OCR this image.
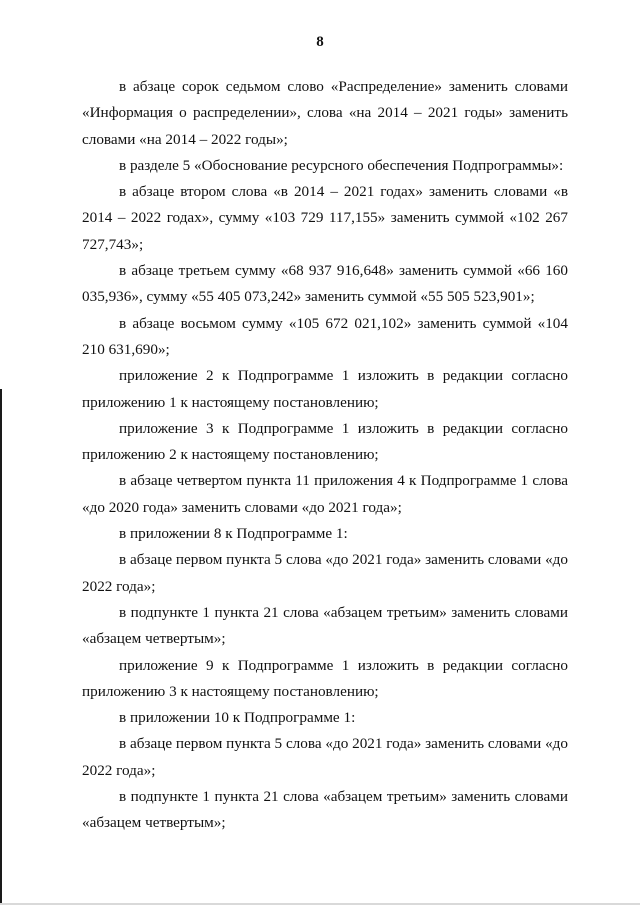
8

в абзаце сорок седьмом слово «Распределение» заменить словами «Информация о распределении», слова «на 2014 – 2021 годы» заменить словами «на 2014 – 2022 годы»;

в разделе 5 «Обоснование ресурсного обеспечения Подпрограммы»:

в абзаце втором слова «в 2014 – 2021 годах» заменить словами «в 2014 – 2022 годах», сумму «103 729 117,155» заменить суммой «102 267 727,743»;

в абзаце третьем сумму «68 937 916,648» заменить суммой «66 160 035,936», сумму «55 405 073,242» заменить суммой «55 505 523,901»;

в абзаце восьмом сумму «105 672 021,102» заменить суммой «104 210 631,690»;

приложение 2 к Подпрограмме 1 изложить в редакции согласно приложению 1 к настоящему постановлению;

приложение 3 к Подпрограмме 1 изложить в редакции согласно приложению 2 к настоящему постановлению;

в абзаце четвертом пункта 11 приложения 4 к Подпрограмме 1 слова «до 2020 года» заменить словами «до 2021 года»;

в приложении 8 к Подпрограмме 1:

в абзаце первом пункта 5 слова «до 2021 года» заменить словами «до 2022 года»;

в подпункте 1 пункта 21 слова «абзацем третьим» заменить словами «абзацем четвертым»;

приложение 9 к Подпрограмме 1 изложить в редакции согласно приложению 3 к настоящему постановлению;

в приложении 10 к Подпрограмме 1:

в абзаце первом пункта 5 слова «до 2021 года» заменить словами «до 2022 года»;

в подпункте 1 пункта 21 слова «абзацем третьим» заменить словами «абзацем четвертым»;
